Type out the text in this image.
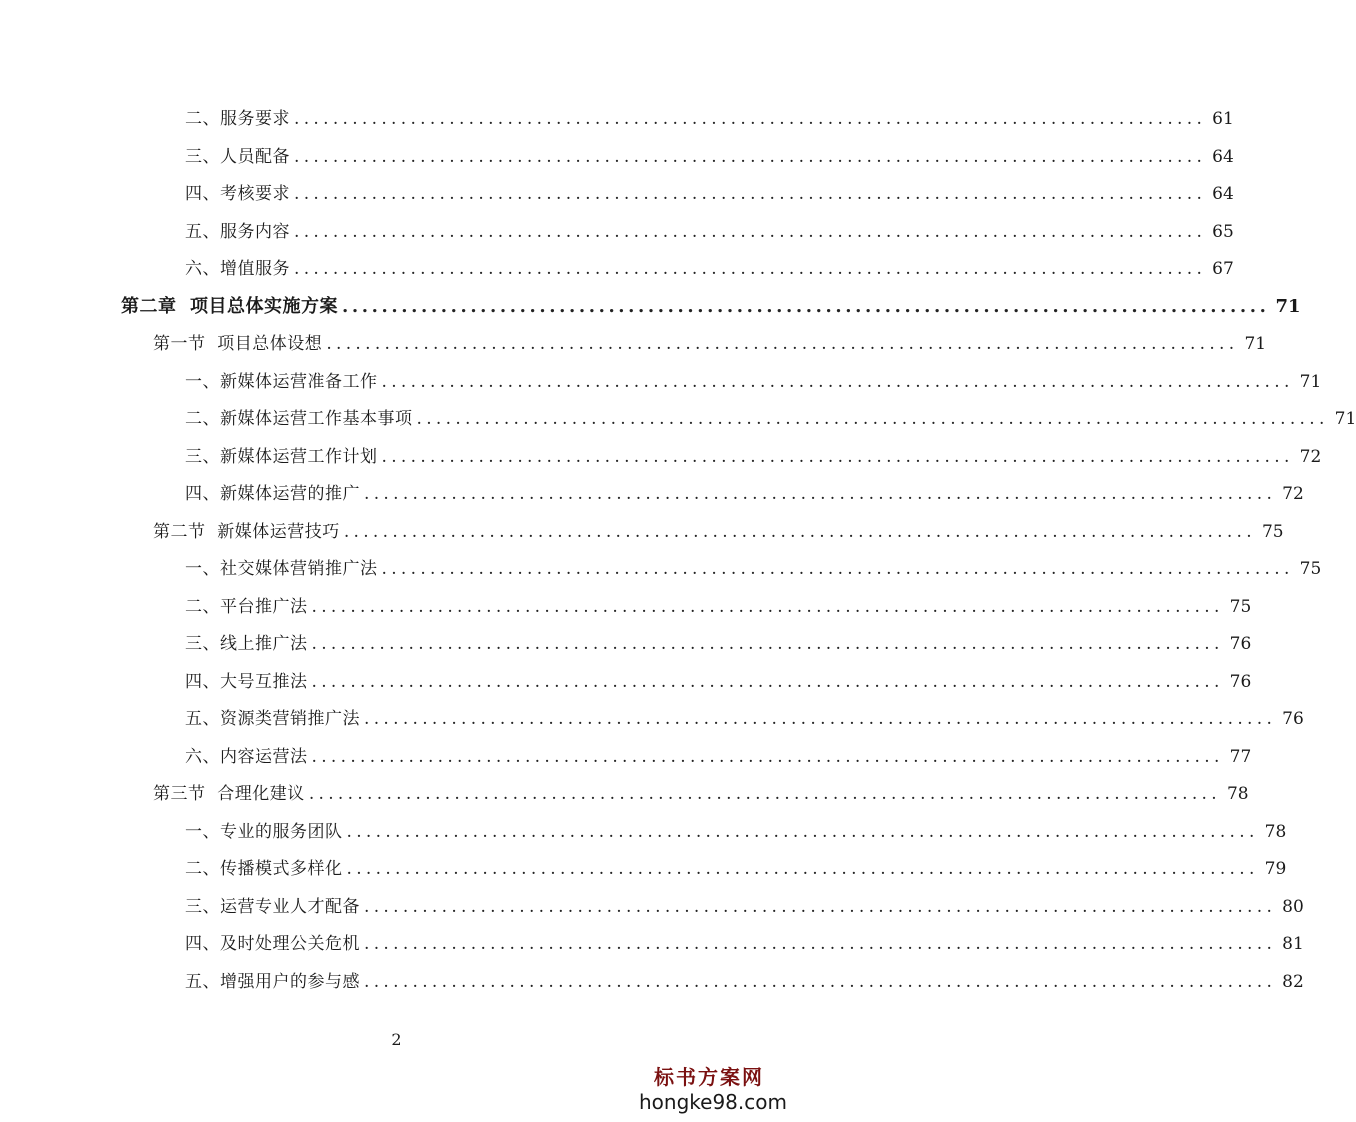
二、服务要求 .............................................................................................. 61
三、人员配备 .............................................................................................. 64
四、考核要求 .............................................................................................. 64
五、服务内容 .............................................................................................. 65
六、增值服务 .............................................................................................. 67
第二章  项目总体实施方案 .............................................................................................. 71
第一节  项目总体设想 .............................................................................................. 71
一、新媒体运营准备工作 .............................................................................................. 71
二、新媒体运营工作基本事项 .............................................................................................. 71
三、新媒体运营工作计划 .............................................................................................. 72
四、新媒体运营的推广 .............................................................................................. 72
第二节  新媒体运营技巧 .............................................................................................. 75
一、社交媒体营销推广法 .............................................................................................. 75
二、平台推广法 .............................................................................................. 75
三、线上推广法 .............................................................................................. 76
四、大号互推法 .............................................................................................. 76
五、资源类营销推广法 .............................................................................................. 76
六、内容运营法 .............................................................................................. 77
第三节  合理化建议 .............................................................................................. 78
一、专业的服务团队 .............................................................................................. 78
二、传播模式多样化 .............................................................................................. 79
三、运营专业人才配备 .............................................................................................. 80
四、及时处理公关危机 .............................................................................................. 81
五、增强用户的参与感 .............................................................................................. 82
2
标书方案网
hongke98.com
